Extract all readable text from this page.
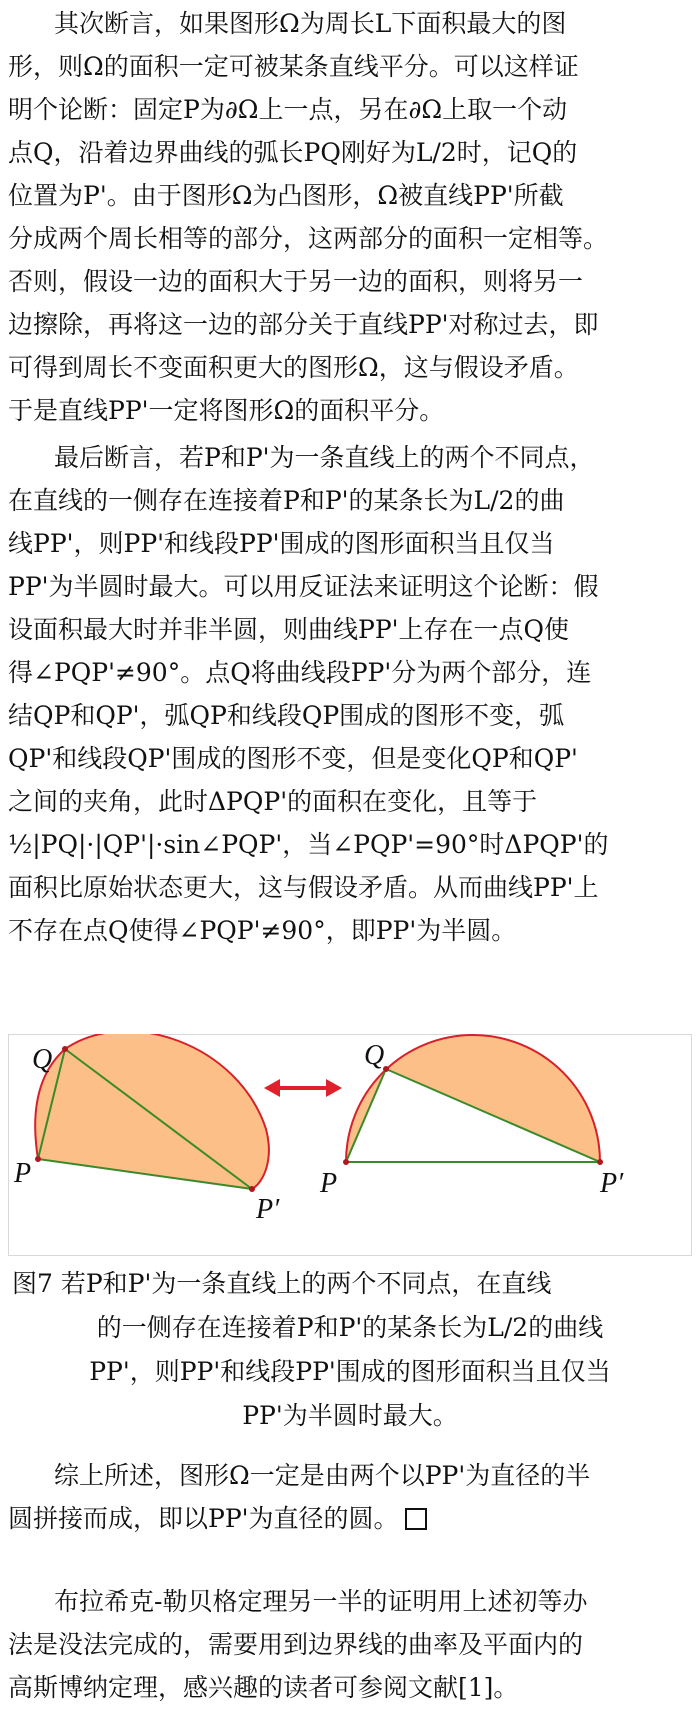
其次断言，如果图形Ω为周长L下面积最大的图

形，则Ω的面积一定可被某条直线平分。可以这样证

明个论断：固定P为∂Ω上一点，另在∂Ω上取一个动

点Q，沿着边界曲线的弧长PQ刚好为L/2时，记Q的

位置为P'。由于图形Ω为凸图形，Ω被直线PP'所截

分成两个周长相等的部分，这两部分的面积一定相等。

否则，假设一边的面积大于另一边的面积，则将另一

边擦除，再将这一边的部分关于直线PP'对称过去，即

可得到周长不变面积更大的图形Ω，这与假设矛盾。

于是直线PP'一定将图形Ω的面积平分。

最后断言，若P和P'为一条直线上的两个不同点，

在直线的一侧存在连接着P和P'的某条长为L/2的曲

线PP'，则PP'和线段PP'围成的图形面积当且仅当

PP'为半圆时最大。可以用反证法来证明这个论断：假

设面积最大时并非半圆，则曲线PP'上存在一点Q使

得∠PQP'≠90°。点Q将曲线段PP'分为两个部分，连

结QP和QP'，弧QP和线段QP围成的图形不变，弧

QP'和线段QP'围成的图形不变，但是变化QP和QP'

之间的夹角，此时ΔPQP'的面积在变化，且等于

½|PQ|·|QP'|·sin∠PQP'，当∠PQP'=90°时ΔPQP'的

面积比原始状态更大，这与假设矛盾。从而曲线PP'上

不存在点Q使得∠PQP'≠90°，即PP'为半圆。

Q
P
P′
Q
P	P′

图7 若P和P'为一条直线上的两个不同点，在直线

的一侧存在连接着P和P'的某条长为L/2的曲线

PP'，则PP'和线段PP'围成的图形面积当且仅当

PP'为半圆时最大。

综上所述，图形Ω一定是由两个以PP'为直径的半

圆拼接而成，即以PP'为直径的圆。

布拉希克-勒贝格定理另一半的证明用上述初等办

法是没法完成的，需要用到边界线的曲率及平面内的

高斯博纳定理，感兴趣的读者可参阅文献[1]。
